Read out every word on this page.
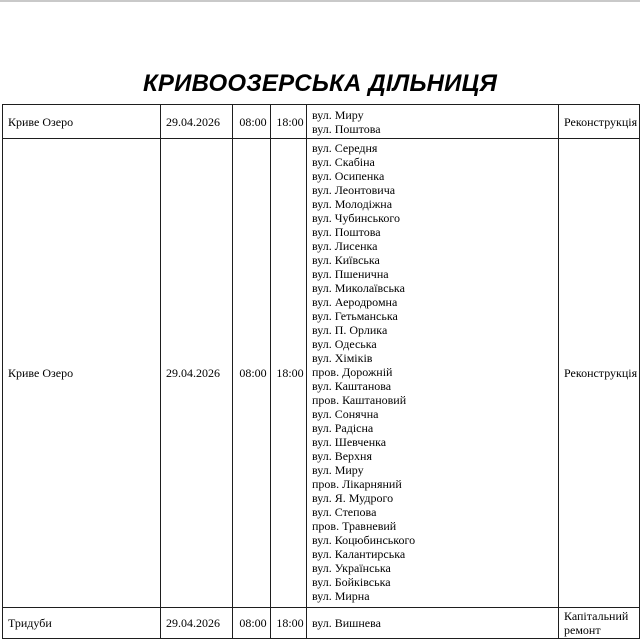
КРИВООЗЕРСЬКА ДІЛЬНИЦЯ
Криве Озеро	29.04.2026	08:00	18:00	вул. Миру
вул. Поштова	Реконструкція
Криве Озеро	29.04.2026	08:00	18:00	
вул. Середня
вул. Скабіна
вул. Осипенка
вул. Леонтовича
вул. Молодіжна
вул. Чубинського
вул. Поштова
вул. Лисенка
вул. Київська
вул. Пшенична
вул. Миколаївська
вул. Аеродромна
вул. Гетьманська
вул. П. Орлика
вул. Одеська
вул. Хіміків
пров. Дорожній
вул. Каштанова
пров. Каштановий
вул. Сонячна
вул. Радісна
вул. Шевченка
вул. Верхня
вул. Миру
пров. Лікарняний
вул. Я. Мудрого
вул. Степова
пров. Травневий
вул. Коцюбинського
вул. Калантирська
вул. Українська
вул. Бойківська
вул. Мирна
	Реконструкція
Тридуби	29.04.2026	08:00	18:00	вул. Вишнева	Капітальний ремонт
